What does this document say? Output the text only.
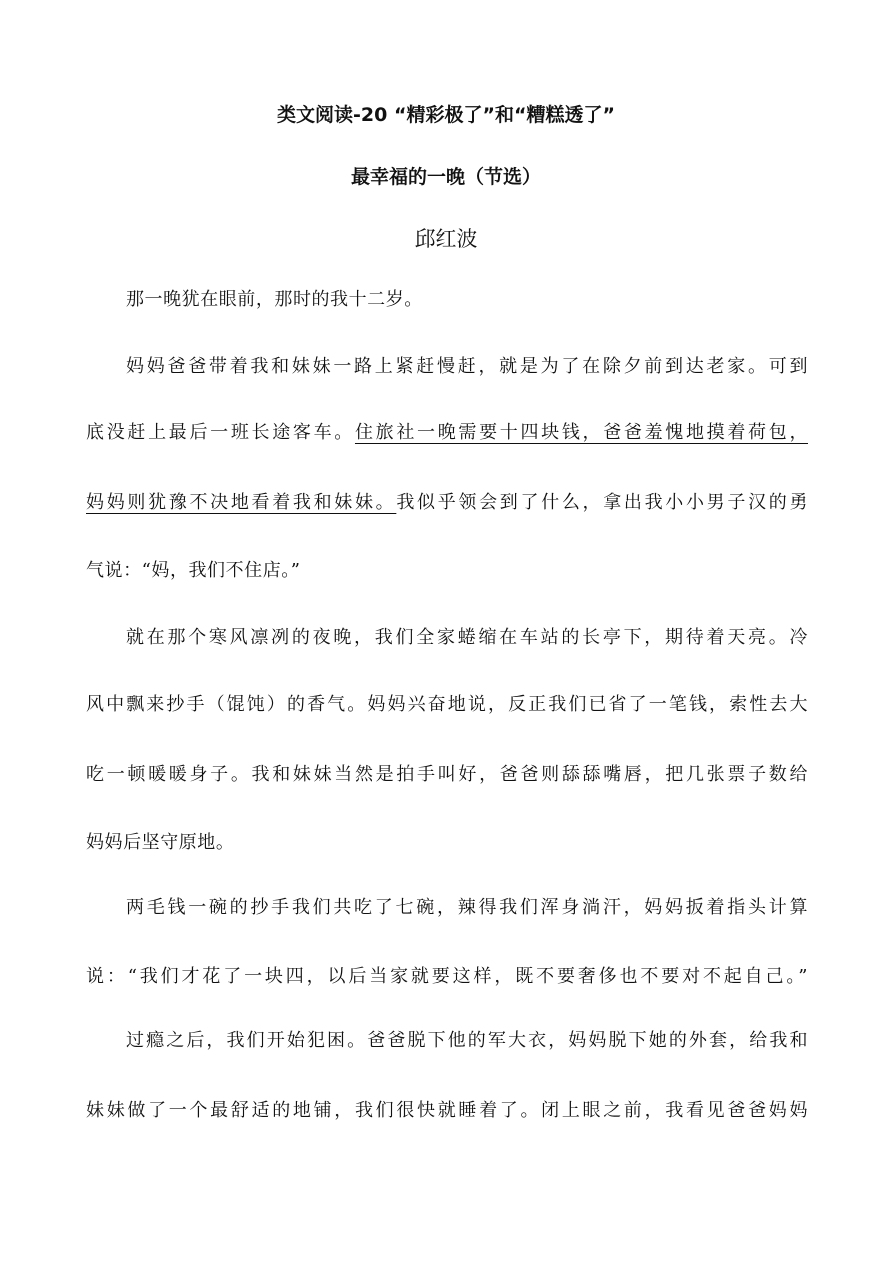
类文阅读-20 “精彩极了”和“糟糕透了”
最幸福的一晚（节选）
邱红波
那一晚犹在眼前，那时的我十二岁。
妈妈爸爸带着我和妹妹一路上紧赶慢赶，就是为了在除夕前到达老家。可到
底没赶上最后一班长途客车。住旅社一晚需要十四块钱，爸爸羞愧地摸着荷包，
妈妈则犹豫不决地看着我和妹妹。我似乎领会到了什么，拿出我小小男子汉的勇
气说：“妈，我们不住店。”
就在那个寒风凛冽的夜晚，我们全家蜷缩在车站的长亭下，期待着天亮。冷
风中飘来抄手（馄饨）的香气。妈妈兴奋地说，反正我们已省了一笔钱，索性去大
吃一顿暖暖身子。我和妹妹当然是拍手叫好，爸爸则舔舔嘴唇，把几张票子数给
妈妈后坚守原地。
两毛钱一碗的抄手我们共吃了七碗，辣得我们浑身淌汗，妈妈扳着指头计算
说：“我们才花了一块四，以后当家就要这样，既不要奢侈也不要对不起自己。”
过瘾之后，我们开始犯困。爸爸脱下他的军大衣，妈妈脱下她的外套，给我和
妹妹做了一个最舒适的地铺，我们很快就睡着了。闭上眼之前，我看见爸爸妈妈
